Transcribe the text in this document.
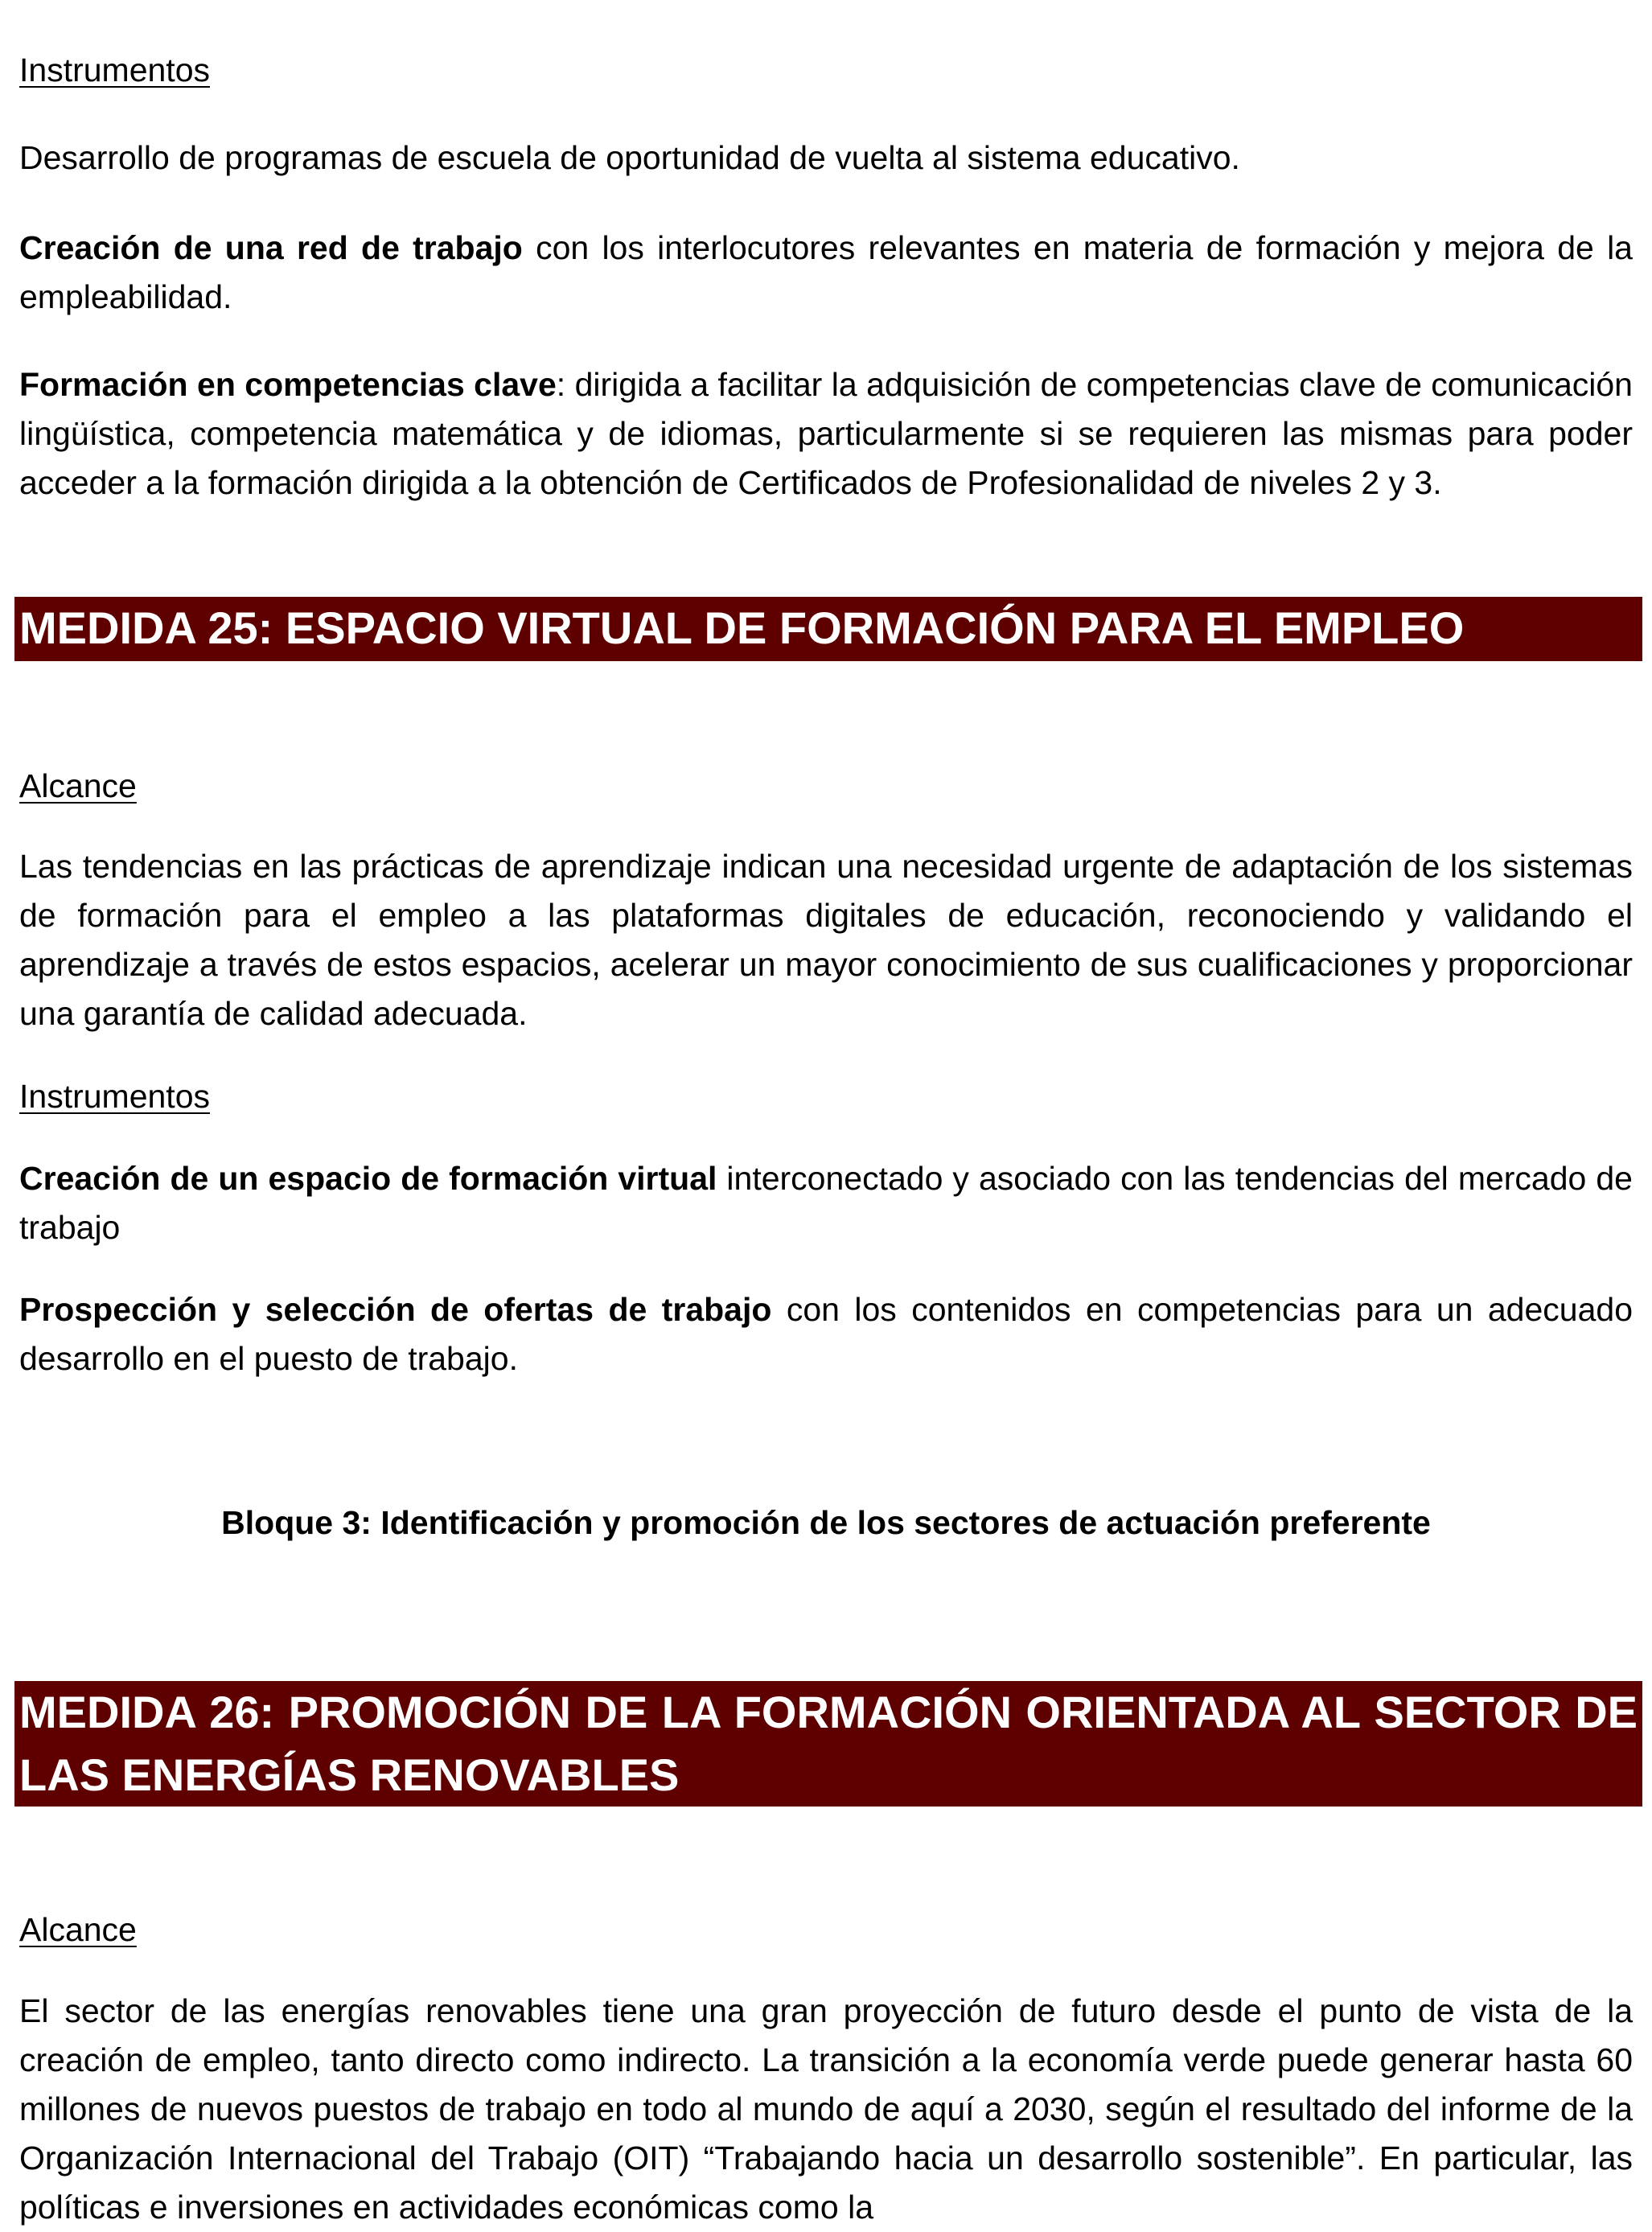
Instrumentos

Desarrollo de programas de escuela de oportunidad de vuelta al sistema educativo.

Creación de una red de trabajo con los interlocutores relevantes en materia de formación y mejora de la empleabilidad.

Formación en competencias clave: dirigida a facilitar la adquisición de competencias clave de comunicación lingüística, competencia matemática y de idiomas, particularmente si se requieren las mismas para poder acceder a la formación dirigida a la obtención de Certificados de Profesionalidad de niveles 2 y 3.

MEDIDA 25: ESPACIO VIRTUAL DE FORMACIÓN PARA EL EMPLEO

Alcance

Las tendencias en las prácticas de aprendizaje indican una necesidad urgente de adaptación de los sistemas de formación para el empleo a las plataformas digitales de educación, reconociendo y validando el aprendizaje a través de estos espacios, acelerar un mayor conocimiento de sus cualificaciones y proporcionar una garantía de calidad adecuada.

Instrumentos

Creación de un espacio de formación virtual interconectado y asociado con las tendencias del mercado de trabajo

Prospección y selección de ofertas de trabajo con los contenidos en competencias para un adecuado desarrollo en el puesto de trabajo.

Bloque 3: Identificación y promoción de los sectores de actuación preferente

MEDIDA 26: PROMOCIÓN DE LA FORMACIÓN ORIENTADA AL SECTOR DE LAS ENERGÍAS RENOVABLES

Alcance

El sector de las energías renovables tiene una gran proyección de futuro desde el punto de vista de la creación de empleo, tanto directo como indirecto. La transición a la economía verde puede generar hasta 60 millones de nuevos puestos de trabajo en todo al mundo de aquí a 2030, según el resultado del informe de la Organización Internacional del Trabajo (OIT) “Trabajando hacia un desarrollo sostenible”. En particular, las políticas e inversiones en actividades económicas como la
